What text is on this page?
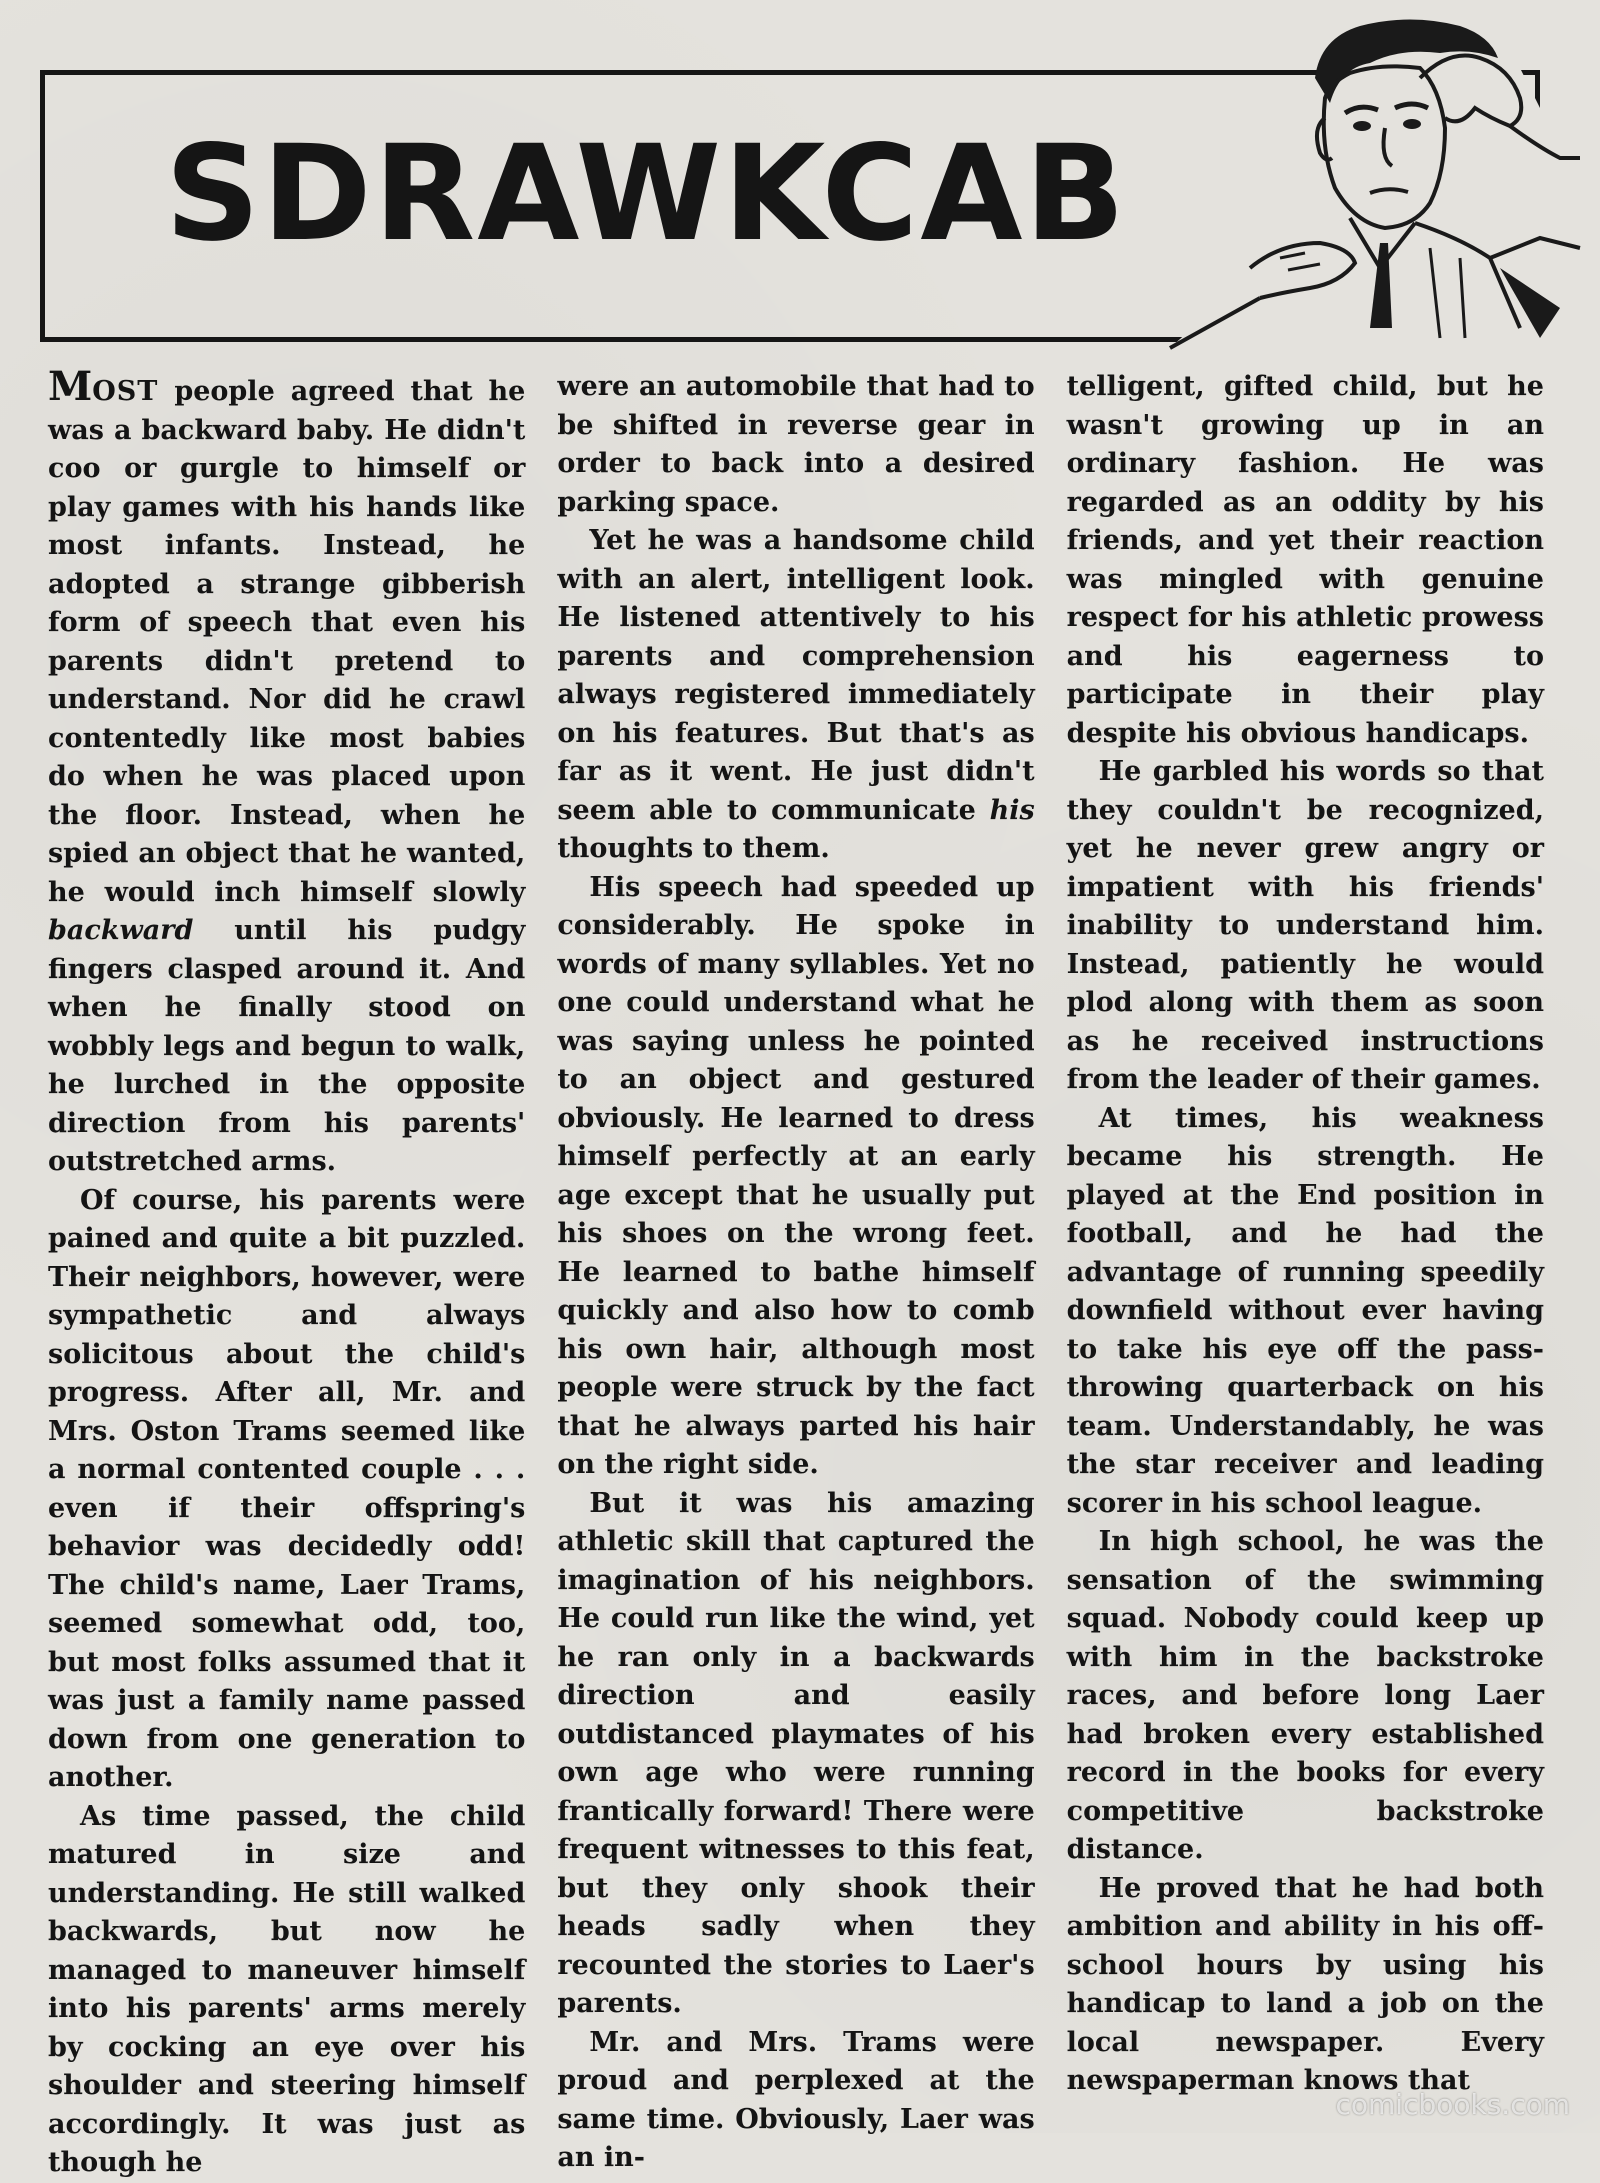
SDRAWKCAB

MOST people agreed that he was a backward baby. He didn't coo or gurgle to himself or play games with his hands like most infants. Instead, he adopted a strange gibberish form of speech that even his parents didn't pretend to understand. Nor did he crawl contentedly like most babies do when he was placed upon the floor. Instead, when he spied an object that he wanted, he would inch himself slowly backward until his pudgy fingers clasped around it. And when he finally stood on wobbly legs and begun to walk, he lurched in the opposite direction from his parents' outstretched arms.

Of course, his parents were pained and quite a bit puzzled. Their neighbors, however, were sympathetic and always solicitous about the child's progress. After all, Mr. and Mrs. Oston Trams seemed like a normal contented couple . . . even if their offspring's behavior was decidedly odd! The child's name, Laer Trams, seemed somewhat odd, too, but most folks assumed that it was just a family name passed down from one generation to another.

As time passed, the child matured in size and understanding. He still walked backwards, but now he managed to maneuver himself into his parents' arms merely by cocking an eye over his shoulder and steering himself accordingly. It was just as though he

were an automobile that had to be shifted in reverse gear in order to back into a desired parking space.

Yet he was a handsome child with an alert, intelligent look. He listened attentively to his parents and comprehension always registered immediately on his features. But that's as far as it went. He just didn't seem able to communicate his thoughts to them.

His speech had speeded up considerably. He spoke in words of many syllables. Yet no one could understand what he was saying unless he pointed to an object and gestured obviously. He learned to dress himself perfectly at an early age except that he usually put his shoes on the wrong feet. He learned to bathe himself quickly and also how to comb his own hair, although most people were struck by the fact that he always parted his hair on the right side.

But it was his amazing athletic skill that captured the imagination of his neighbors. He could run like the wind, yet he ran only in a backwards direction and easily outdistanced playmates of his own age who were running frantically forward! There were frequent witnesses to this feat, but they only shook their heads sadly when they recounted the stories to Laer's parents.

Mr. and Mrs. Trams were proud and perplexed at the same time. Obviously, Laer was an in-

telligent, gifted child, but he wasn't growing up in an ordinary fashion. He was regarded as an oddity by his friends, and yet their reaction was mingled with genuine respect for his athletic prowess and his eagerness to participate in their play despite his obvious handicaps.

He garbled his words so that they couldn't be recognized, yet he never grew angry or impatient with his friends' inability to understand him. Instead, patiently he would plod along with them as soon as he received instructions from the leader of their games.

At times, his weakness became his strength. He played at the End position in football, and he had the advantage of running speedily downfield without ever having to take his eye off the pass-throwing quarterback on his team. Understandably, he was the star receiver and leading scorer in his school league.

In high school, he was the sensation of the swimming squad. Nobody could keep up with him in the backstroke races, and before long Laer had broken every established record in the books for every competitive backstroke distance.

He proved that he had both ambition and ability in his off-school hours by using his handicap to land a job on the local newspaper. Every newspaperman knows that

comicbooks.com
